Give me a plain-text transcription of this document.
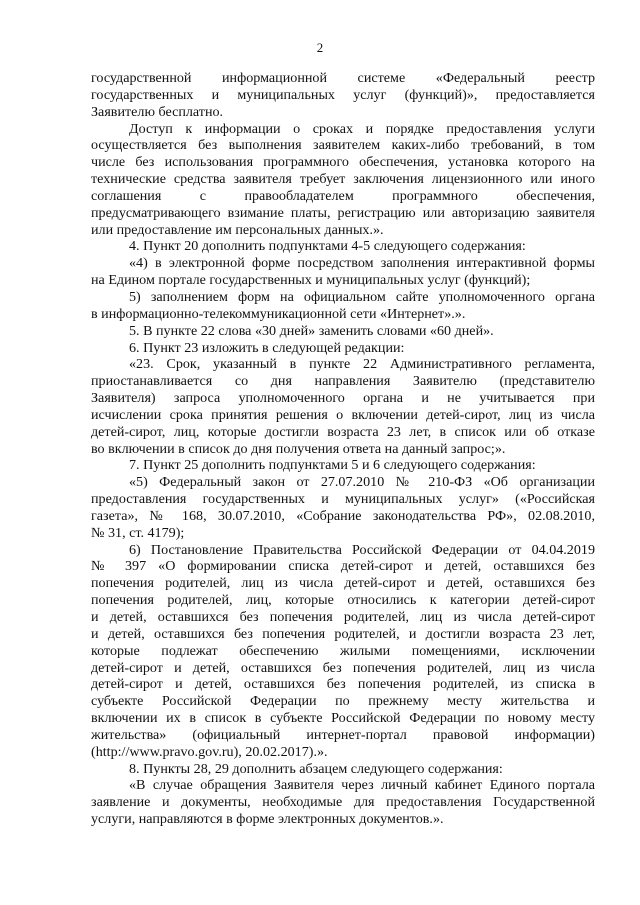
2
государственной информационной системе «Федеральный реестр
государственных и муниципальных услуг (функций)», предоставляется
Заявителю бесплатно.
Доступ к информации о сроках и порядке предоставления услуги
осуществляется без выполнения заявителем каких-либо требований, в том
числе без использования программного обеспечения, установка которого на
технические средства заявителя требует заключения лицензионного или иного
соглашения с правообладателем программного обеспечения,
предусматривающего взимание платы, регистрацию или авторизацию заявителя
или предоставление им персональных данных.».
4. Пункт 20 дополнить подпунктами 4-5 следующего содержания:
«4) в электронной форме посредством заполнения интерактивной формы
на Едином портале государственных и муниципальных услуг (функций);
5) заполнением форм на официальном сайте уполномоченного органа
в информационно-телекоммуникационной сети «Интернет».».
5. В пункте 22 слова «30 дней» заменить словами «60 дней».
6. Пункт 23 изложить в следующей редакции:
«23. Срок, указанный в пункте 22 Административного регламента,
приостанавливается со дня направления Заявителю (представителю
Заявителя) запроса уполномоченного органа и не учитывается при
исчислении срока принятия решения о включении детей-сирот, лиц из числа
детей-сирот, лиц, которые достигли возраста 23 лет, в список или об отказе
во включении в список до дня получения ответа на данный запрос;».
7. Пункт 25 дополнить подпунктами 5 и 6 следующего содержания:
«5) Федеральный закон от 27.07.2010 № 210-ФЗ «Об организации
предоставления государственных и муниципальных услуг» («Российская
газета», № 168, 30.07.2010, «Собрание законодательства РФ», 02.08.2010,
№ 31, ст. 4179);
6) Постановление Правительства Российской Федерации от 04.04.2019
№ 397 «О формировании списка детей-сирот и детей, оставшихся без
попечения родителей, лиц из числа детей-сирот и детей, оставшихся без
попечения родителей, лиц, которые относились к категории детей-сирот
и детей, оставшихся без попечения родителей, лиц из числа детей-сирот
и детей, оставшихся без попечения родителей, и достигли возраста 23 лет,
которые подлежат обеспечению жилыми помещениями, исключении
детей-сирот и детей, оставшихся без попечения родителей, лиц из числа
детей-сирот и детей, оставшихся без попечения родителей, из списка в
субъекте Российской Федерации по прежнему месту жительства и
включении их в список в субъекте Российской Федерации по новому месту
жительства» (официальный интернет-портал правовой информации)
(http://www.pravo.gov.ru), 20.02.2017).».
8. Пункты 28, 29 дополнить абзацем следующего содержания:
«В случае обращения Заявителя через личный кабинет Единого портала
заявление и документы, необходимые для предоставления Государственной
услуги, направляются в форме электронных документов.».
